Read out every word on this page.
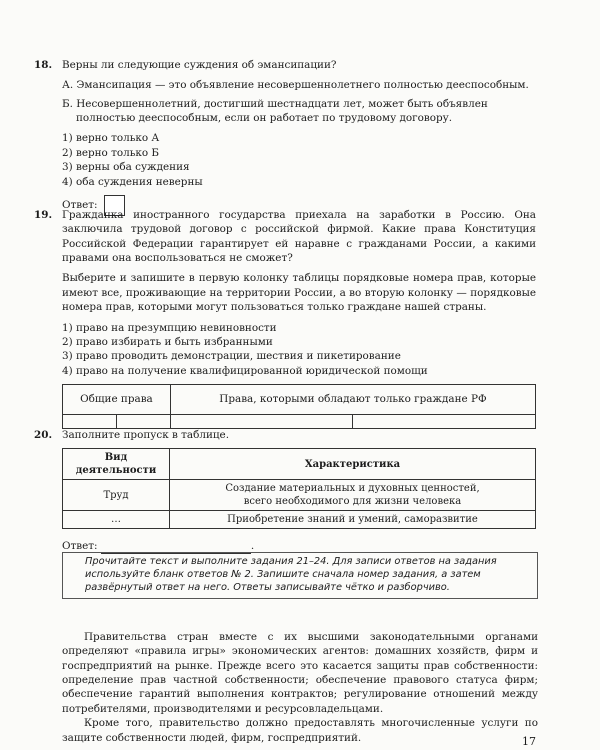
18. Верны ли следующие суждения об эмансипации?

А. Эмансипация — это объявление несовершеннолетнего полностью дееспособным.

Б. Несовершеннолетний, достигший шестнадцати лет, может быть объявлен полностью дееспособным, если он работает по трудовому договору.

1) верно только А
2) верно только Б
3) верны оба суждения
4) оба суждения неверны
Ответ:
19. Гражданка иностранного государства приехала на заработки в Россию. Она заключила трудовой договор с российской фирмой. Какие права Конституция Российской Федерации гарантирует ей наравне с гражданами России, а какими правами она воспользоваться не сможет?

Выберите и запишите в первую колонку таблицы порядковые номера прав, которые имеют все, проживающие на территории России, а во вторую колонку — порядковые номера прав, которыми могут пользоваться только граждане нашей страны.

1) право на презумпцию невиновности
2) право избирать и быть избранными
3) право проводить демонстрации, шествия и пикетирование
4) право на получение квалифицированной юридической помощи
Общие права		Права, которыми обладают только граждане РФ	

20. Заполните пропуск в таблице.

Вид деятельности	Характеристика
Труд	Создание материальных и духовных ценностей,
всего необходимого для жизни человека
…	Приобретение знаний и умений, саморазвитие
Ответ:	.
Прочитайте текст и выполните задания 21–24. Для записи ответов на задания используйте бланк ответов № 2. Запишите сначала номер задания, а затем развёрнутый ответ на него. Ответы записывайте чётко и разборчиво.

Правительства стран вместе с их высшими законодательными органами определяют «правила игры» экономических агентов: домашних хозяйств, фирм и госпредприятий на рынке. Прежде всего это касается защиты прав собственности: определение прав частной собственности; обеспечение правового статуса фирм; обеспечение гарантий выполнения контрактов; регулирование отношений между потребителями, производителями и ресурсовладельцами.

Кроме того, правительство должно предоставлять многочисленные услуги по защите собственности людей, фирм, госпредприятий.	17
